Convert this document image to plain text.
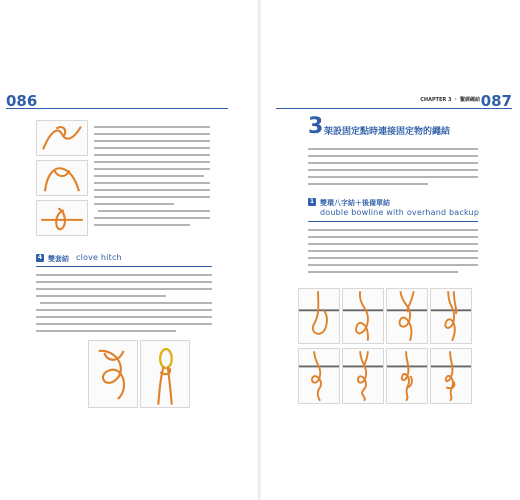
086
4 雙套結 clove hitch
CHAPTER 3 ・ 繫綁繩結 087
3 架設固定點時連接固定物的繩結
1 雙環八字結＋後備單結
double bowline with overhand backup
